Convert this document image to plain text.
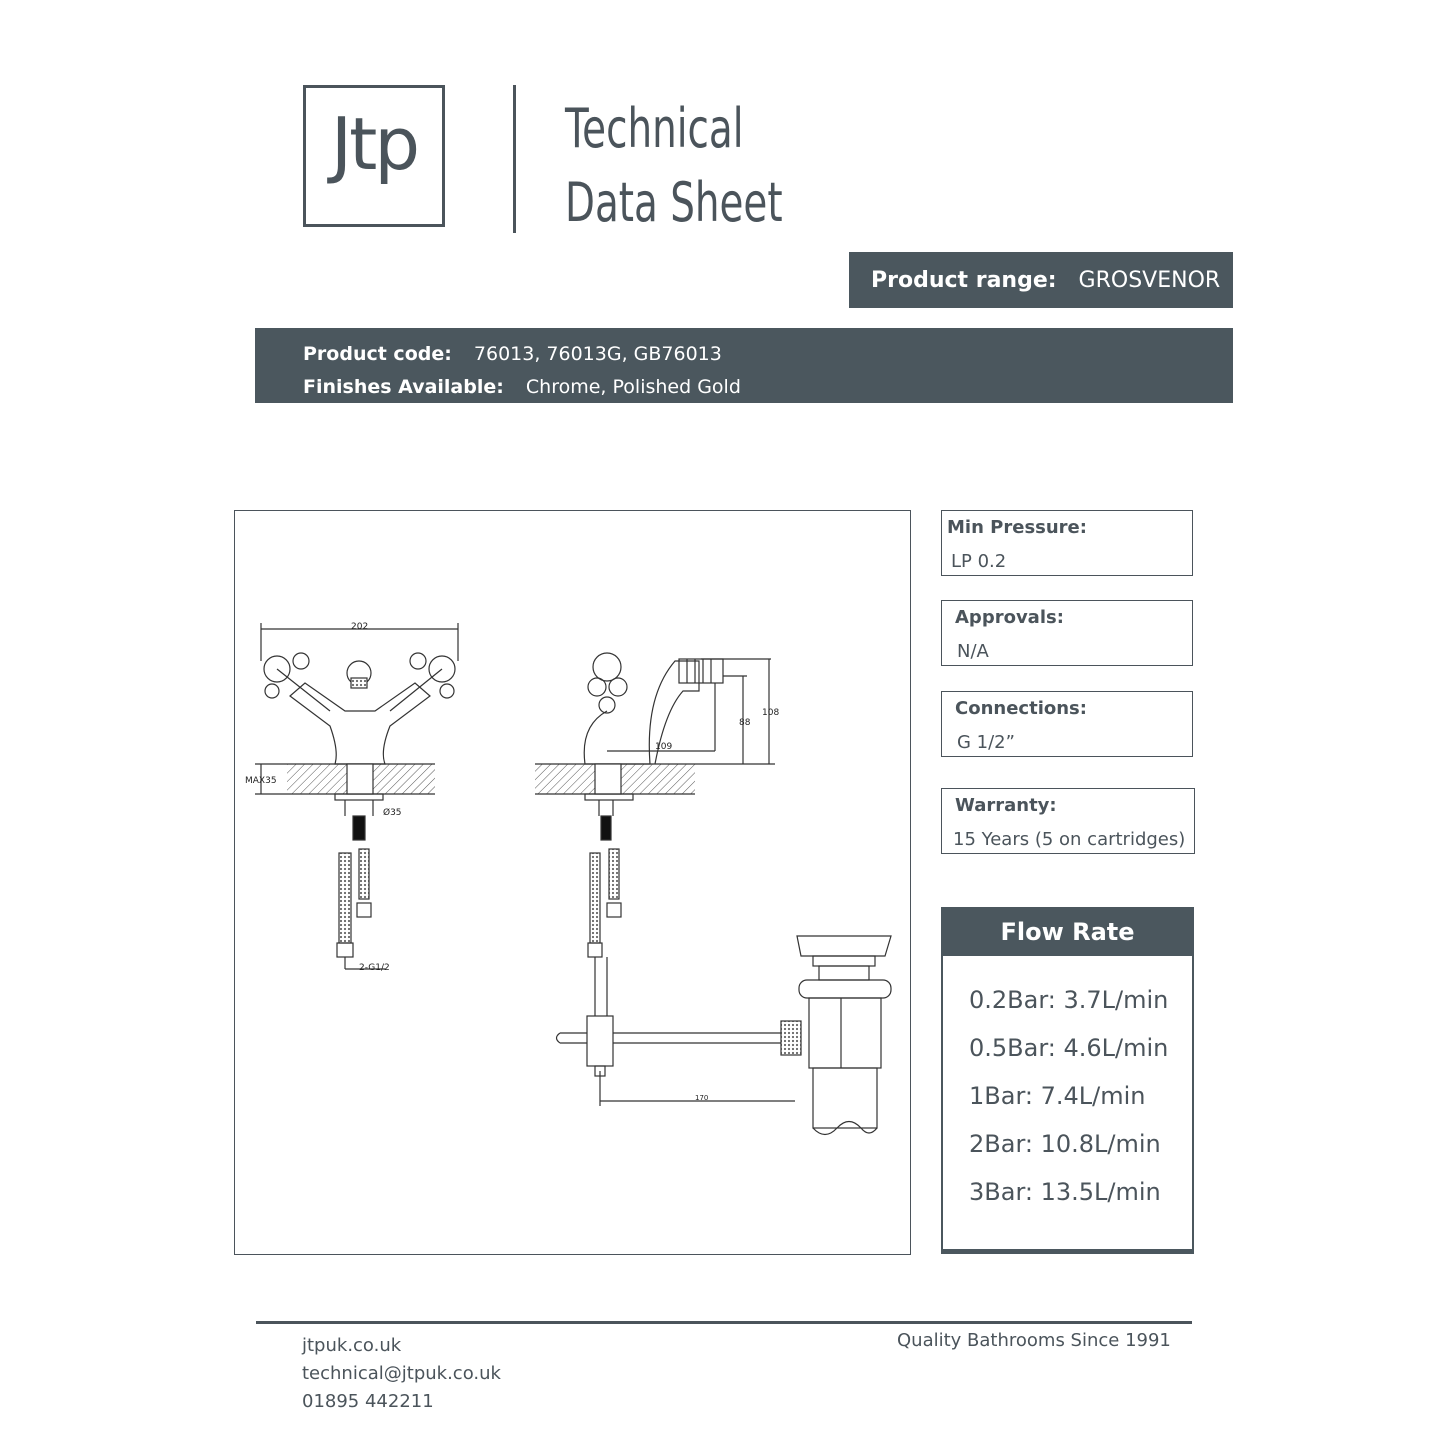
Jtp	Technical
Data Sheet
Product range: GROSVENOR
Product code: 76013, 76013G, GB76013
Finishes Available: Chrome, Polished Gold
202
MAX35
Ø35
2-G1/2
109
88
108
170
Min Pressure:
LP 0.2
Approvals:
N/A
Connections:
G 1/2”
Warranty:
15 Years (5 on cartridges)
Flow Rate
0.2Bar: 3.7L/min
0.5Bar: 4.6L/min
1Bar: 7.4L/min
2Bar: 10.8L/min
3Bar: 13.5L/min
jtpuk.co.uk
technical@jtpuk.co.uk
01895 442211
Quality Bathrooms Since 1991
